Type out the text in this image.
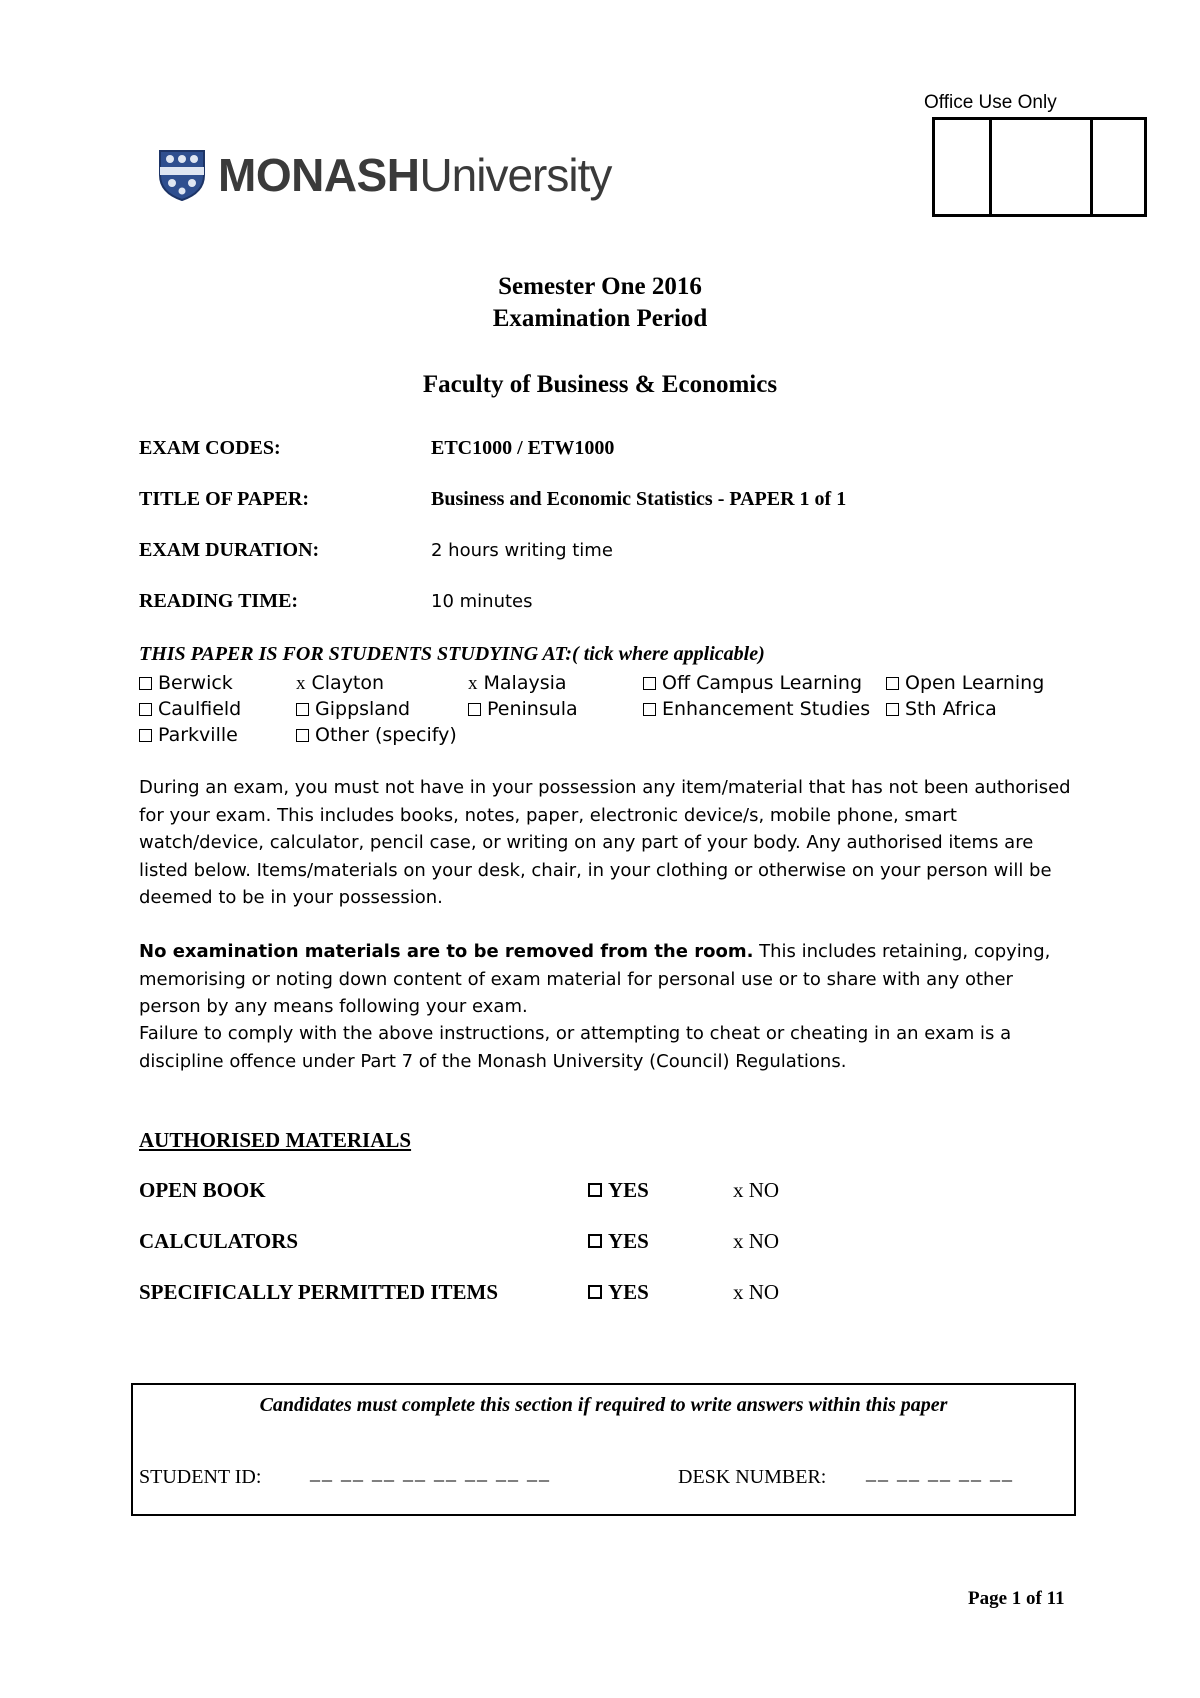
Office Use Only
MONASHUniversity
Semester One 2016
Examination Period
Faculty of Business & Economics
EXAM CODES:	ETC1000 / ETW1000
TITLE OF PAPER:	Business and Economic Statistics - PAPER 1 of 1
EXAM DURATION:	2 hours writing time
READING TIME:	10 minutes
THIS PAPER IS FOR STUDENTS STUDYING AT:( tick where applicable)
Berwick	x Clayton	x Malaysia	Off Campus Learning	Open Learning
Caulfield	Gippsland	Peninsula	Enhancement Studies	Sth Africa
Parkville	Other (specify)
During an exam, you must not have in your possession any item/material that has not been authorised for your exam. This includes books, notes, paper, electronic device/s, mobile phone, smart watch/device, calculator, pencil case, or writing on any part of your body. Any authorised items are listed below. Items/materials on your desk, chair, in your clothing or otherwise on your person will be deemed to be in your possession.
No examination materials are to be removed from the room. This includes retaining, copying, memorising or noting down content of exam material for personal use or to share with any other person by any means following your exam.
Failure to comply with the above instructions, or attempting to cheat or cheating in an exam is a discipline offence under Part 7 of the Monash University (Council) Regulations.
AUTHORISED MATERIALS
OPEN BOOK	YES	x NO
CALCULATORS	YES	x NO
SPECIFICALLY PERMITTED ITEMS	YES	x NO
Candidates must complete this section if required to write answers within this paper
STUDENT ID: __ __ __ __ __ __ __ __	DESK NUMBER: __ __ __ __ __
Page 1 of 11
